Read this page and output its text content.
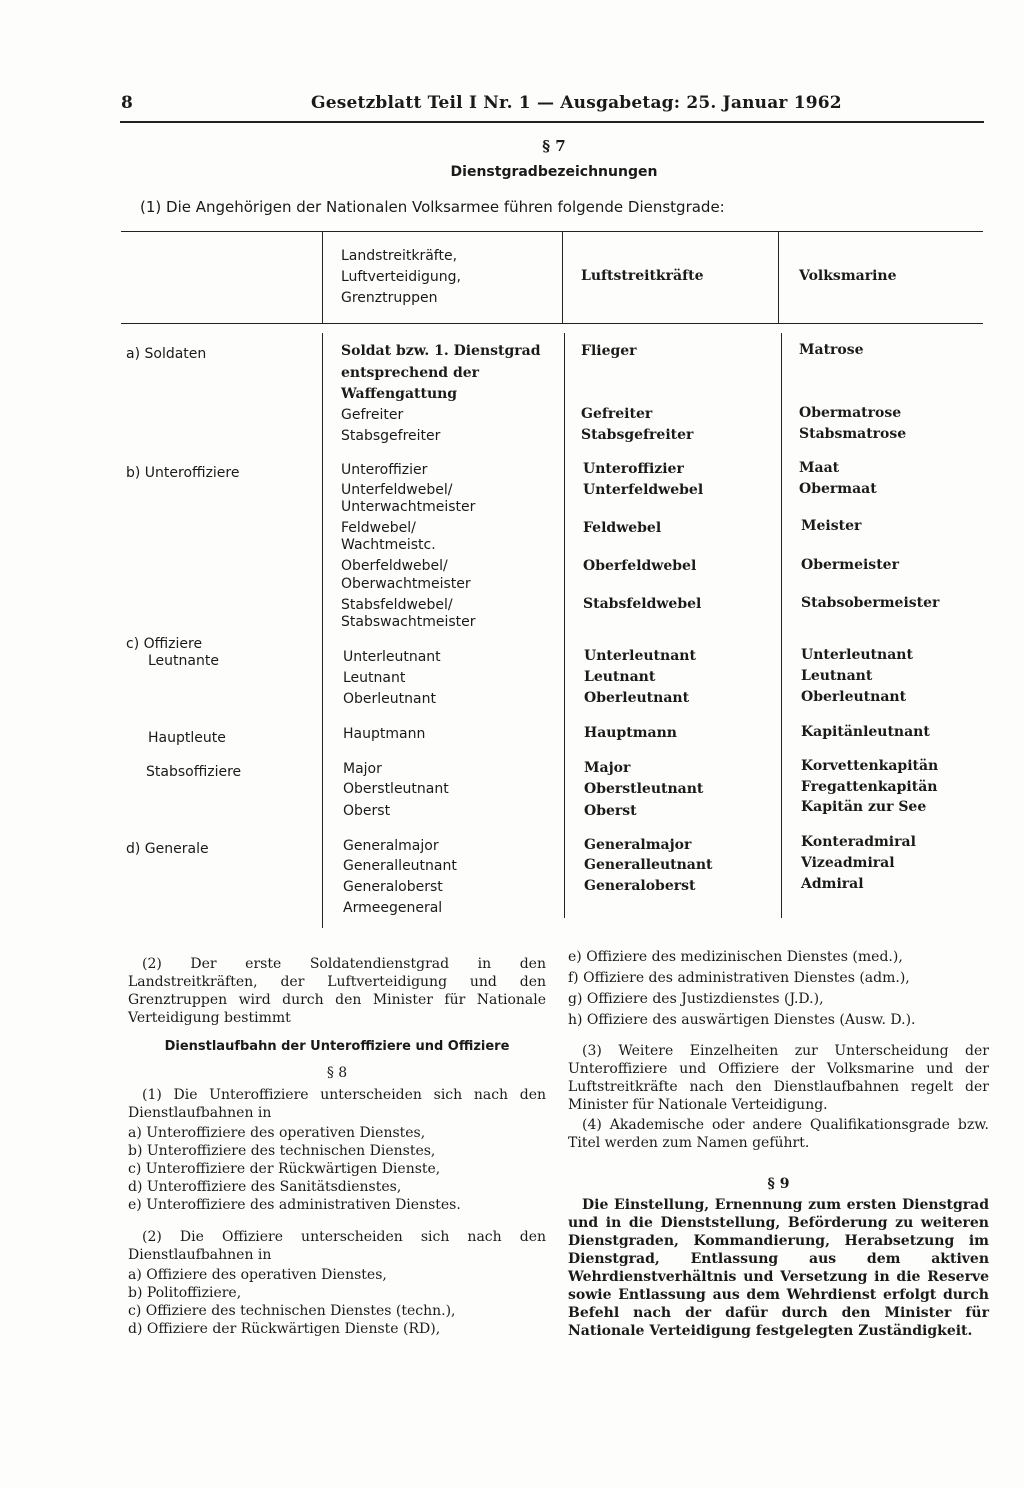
8	Gesetzblatt Teil I Nr. 1 — Ausgabetag: 25. Januar 1962
§ 7
Dienstgradbezeichnungen
(1) Die Angehörigen der Nationalen Volksarmee führen folgende Dienstgrade:
Landstreitkräfte,
Luftverteidigung,
Grenztruppen
Luftstreitkräfte	Volksmarine
a) Soldaten
b) Unteroffiziere
c) Offiziere
Leutnante
Hauptleute
Stabsoffiziere
d) Generale
Soldat bzw. 1. Dienstgrad
entsprechend der
Waffengattung
Gefreiter
Stabsgefreiter
Unteroffizier
Unterfeldwebel/
Unterwachtmeister
Feldwebel/
Wachtmeistc.
Oberfeldwebel/
Oberwachtmeister
Stabsfeldwebel/
Stabswachtmeister
Unterleutnant
Leutnant
Oberleutnant
Hauptmann
Major
Oberstleutnant
Oberst
Generalmajor
Generalleutnant
Generaloberst
Armeegeneral
Flieger
Gefreiter
Stabsgefreiter
Unteroffizier
Unterfeldwebel
Feldwebel
Oberfeldwebel
Stabsfeldwebel
Unterleutnant
Leutnant
Oberleutnant
Hauptmann
Major
Oberstleutnant
Oberst
Generalmajor
Generalleutnant
Generaloberst
Matrose
Obermatrose
Stabsmatrose
Maat
Obermaat
Meister
Obermeister
Stabsobermeister
Unterleutnant
Leutnant
Oberleutnant
Kapitänleutnant
Korvettenkapitän
Fregattenkapitän
Kapitän zur See
Konteradmiral
Vizeadmiral
Admiral
(2) Der erste Soldatendienstgrad in den Landstreitkräften, der Luftverteidigung und den Grenztruppen wird durch den Minister für Nationale Verteidigung bestimmt
Dienstlaufbahn der Unteroffiziere und Offiziere
§ 8
(1) Die Unteroffiziere unterscheiden sich nach den Dienstlaufbahnen in
a) Unteroffiziere des operativen Dienstes,
b) Unteroffiziere des technischen Dienstes,
c) Unteroffiziere der Rückwärtigen Dienste,
d) Unteroffiziere des Sanitätsdienstes,
e) Unteroffiziere des administrativen Dienstes.
(2) Die Offiziere unterscheiden sich nach den Dienstlaufbahnen in
a) Offiziere des operativen Dienstes,
b) Politoffiziere,
c) Offiziere des technischen Dienstes (techn.),
d) Offiziere der Rückwärtigen Dienste (RD),
e) Offiziere des medizinischen Dienstes (med.),
f) Offiziere des administrativen Dienstes (adm.),
g) Offiziere des Justizdienstes (J.D.),
h) Offiziere des auswärtigen Dienstes (Ausw. D.).
(3) Weitere Einzelheiten zur Unterscheidung der Unteroffiziere und Offiziere der Volksmarine und der Luftstreitkräfte nach den Dienstlaufbahnen regelt der Minister für Nationale Verteidigung.
(4) Akademische oder andere Qualifikationsgrade bzw. Titel werden zum Namen geführt.
§ 9
Die Einstellung, Ernennung zum ersten Dienstgrad und in die Dienststellung, Beförderung zu weiteren Dienstgraden, Kommandierung, Herabsetzung im Dienstgrad, Entlassung aus dem aktiven Wehrdienstverhältnis und Versetzung in die Reserve sowie Entlassung aus dem Wehrdienst erfolgt durch Befehl nach der dafür durch den Minister für Nationale Verteidigung festgelegten Zuständigkeit.
